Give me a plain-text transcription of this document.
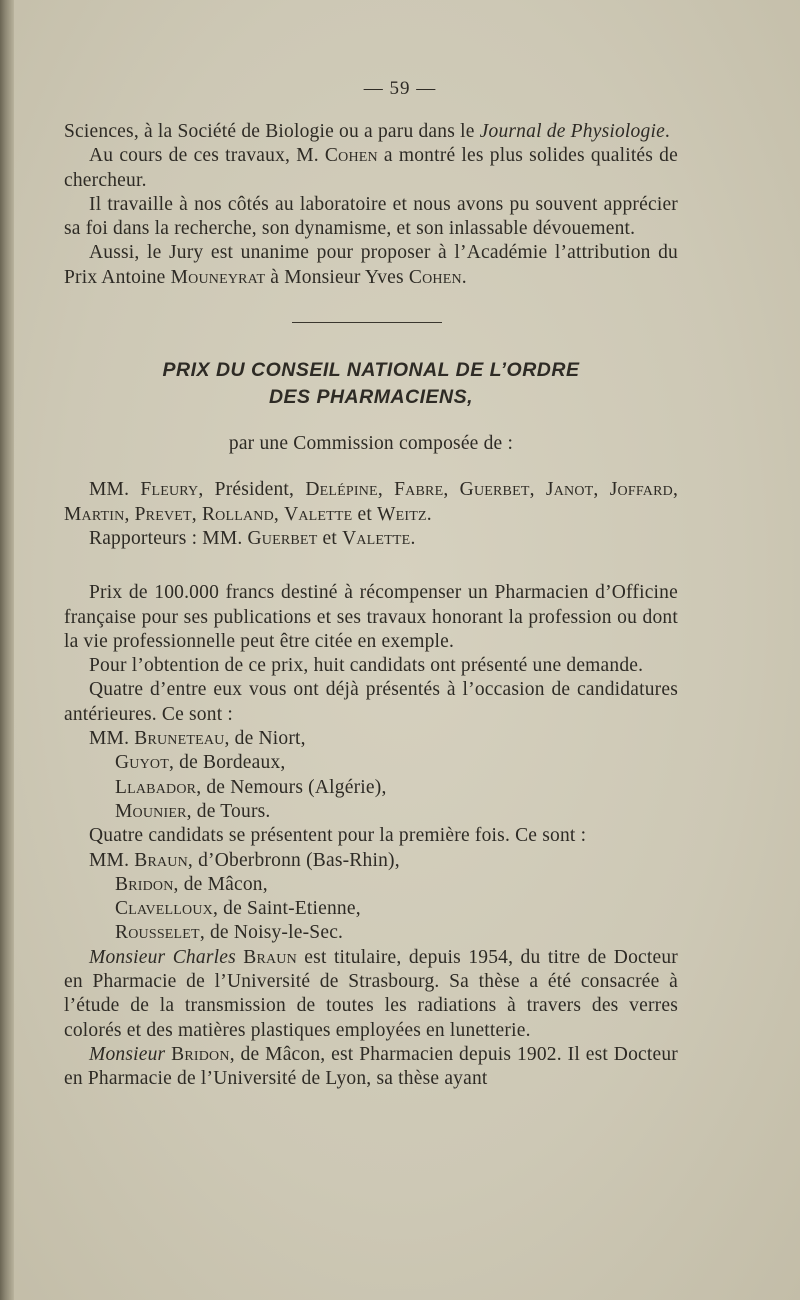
— 59 —

Sciences, à la Société de Biologie ou a paru dans le Journal de Physiologie.

Au cours de ces travaux, M. Cohen a montré les plus solides qualités de chercheur.

Il travaille à nos côtés au laboratoire et nous avons pu souvent apprécier sa foi dans la recherche, son dynamisme, et son inlassable dévouement.

Aussi, le Jury est unanime pour proposer à l’Académie l’attribution du Prix Antoine Mouneyrat à Monsieur Yves Cohen.

PRIX DU CONSEIL NATIONAL DE L’ORDRE
DES PHARMACIENS,

par une Commission composée de :

MM. Fleury, Président, Delépine, Fabre, Guerbet, Janot, Joffard, Martin, Prevet, Rolland, Valette et Weitz.

Rapporteurs : MM. Guerbet et Valette.

Prix de 100.000 francs destiné à récompenser un Pharmacien d’Officine française pour ses publications et ses travaux honorant la profession ou dont la vie professionnelle peut être citée en exemple.

Pour l’obtention de ce prix, huit candidats ont présenté une demande.

Quatre d’entre eux vous ont déjà présentés à l’occasion de candidatures antérieures. Ce sont :

MM. Bruneteau, de Niort,

Guyot, de Bordeaux,

Llabador, de Nemours (Algérie),

Mounier, de Tours.

Quatre candidats se présentent pour la première fois. Ce sont :

MM. Braun, d’Oberbronn (Bas-Rhin),

Bridon, de Mâcon,

Clavelloux, de Saint-Etienne,

Rousselet, de Noisy-le-Sec.

Monsieur Charles Braun est titulaire, depuis 1954, du titre de Docteur en Pharmacie de l’Université de Strasbourg. Sa thèse a été consacrée à l’étude de la transmission de toutes les radiations à travers des verres colorés et des matières plastiques employées en lunetterie.

Monsieur Bridon, de Mâcon, est Pharmacien depuis 1902. Il est Docteur en Pharmacie de l’Université de Lyon, sa thèse ayant
